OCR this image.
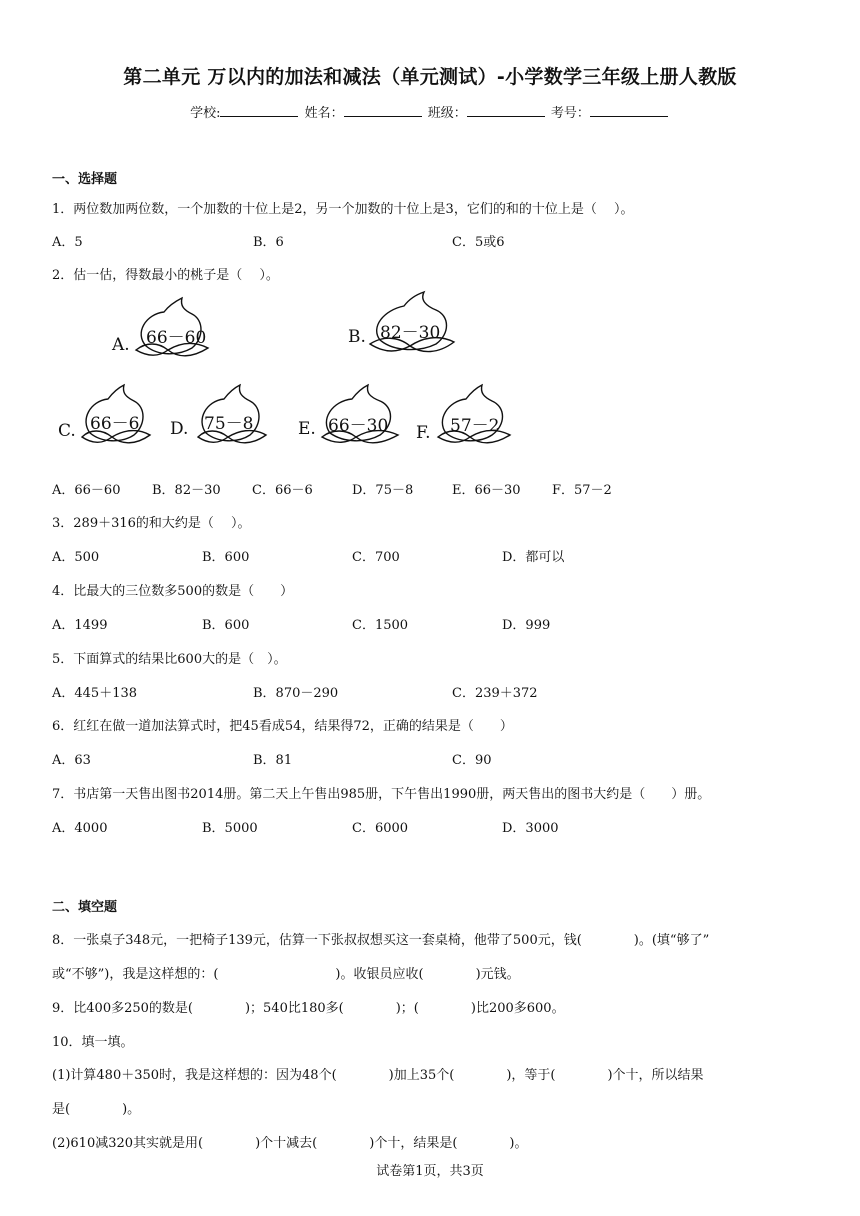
第二单元 万以内的加法和减法（单元测试）-小学数学三年级上册人教版
学校:	姓名：	班级：	考号：
一、选择题
1．两位数加两位数，一个加数的十位上是2，另一个加数的十位上是3，它们的和的十位上是（　 ）。
A．5	B．6	C．5或6
2．估一估，得数最小的桃子是（　 ）。
A. 66－60	B. 82－30
C. 66－6 D. 75－8	E. 66－30 F. 57－2
A．66－60 B．82－30 C．66－6	D．75－8	E．66－30 F．57－2
3．289＋316的和大约是（　 ）。
A．500	B．600	C．700	D．都可以
4．比最大的三位数多500的数是（　　）
A．1499	B．600	C．1500	D．999
5．下面算式的结果比600大的是（　）。
A．445＋138	B．870－290	C．239＋372
6．红红在做一道加法算式时，把45看成54，结果得72，正确的结果是（　　）
A．63	B．81	C．90
7．书店第一天售出图书2014册。第二天上午售出985册，下午售出1990册，两天售出的图书大约是（　　）册。
A．4000	B．5000	C．6000	D．3000
二、填空题
8．一张桌子348元，一把椅子139元，估算一下张叔叔想买这一套桌椅，他带了500元，钱(　　　　)。(填“够了”
或“不够”)，我是这样想的：(　　　　　　　　　)。收银员应收(　　　　)元钱。
9．比400多250的数是(　　　　)；540比180多(　　　　)；(　　　　)比200多600。
10．填一填。
(1)计算480＋350时，我是这样想的：因为48个(　　　　)加上35个(　　　　)，等于(　　　　)个十，所以结果
是(　　　　)。
(2)610减320其实就是用(　　　　)个十减去(　　　　)个十，结果是(　　　　)。
试卷第1页，共3页
